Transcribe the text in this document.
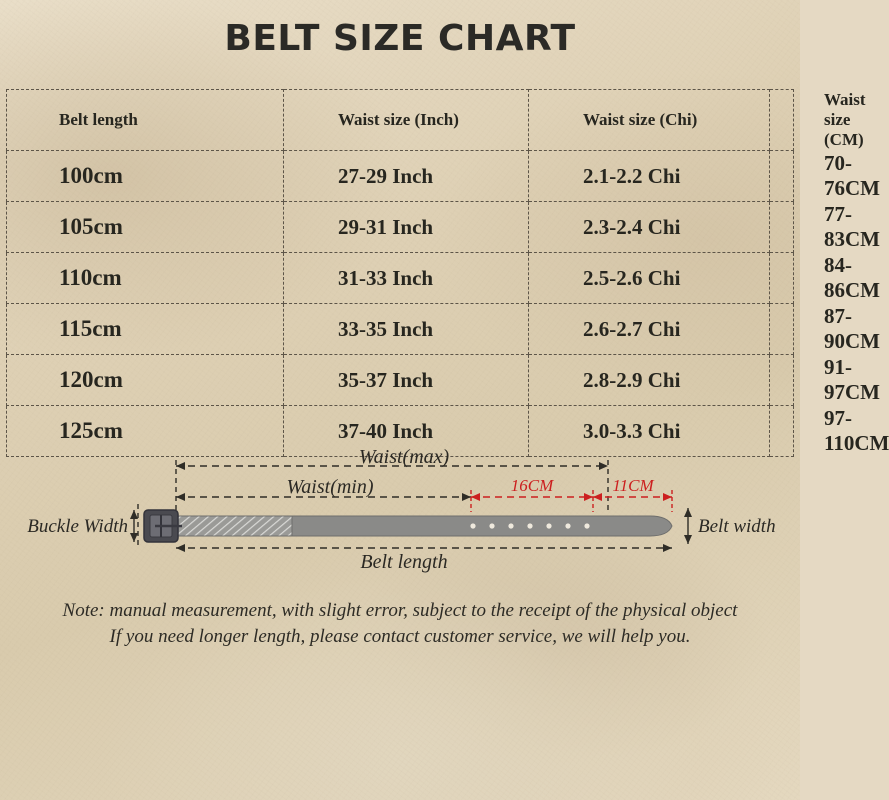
BELT SIZE CHART
Belt length	Waist size (Inch)	Waist size (Chi)	Waist size (CM)
100cm	27-29 Inch	2.1-2.2 Chi	70-76CM
105cm	29-31 Inch	2.3-2.4 Chi	77-83CM
110cm	31-33 Inch	2.5-2.6 Chi	84-86CM
115cm	33-35 Inch	2.6-2.7 Chi	87-90CM
120cm	35-37 Inch	2.8-2.9 Chi	91-97CM
125cm	37-40 Inch	3.0-3.3 Chi	97-110CM
Waist(max)
Waist(min)
Belt length
Buckle Width	Belt width
16CM	11CM
Note: manual measurement, with slight error, subject to the receipt of the physical object
If you need longer length, please contact customer service, we will help you.
